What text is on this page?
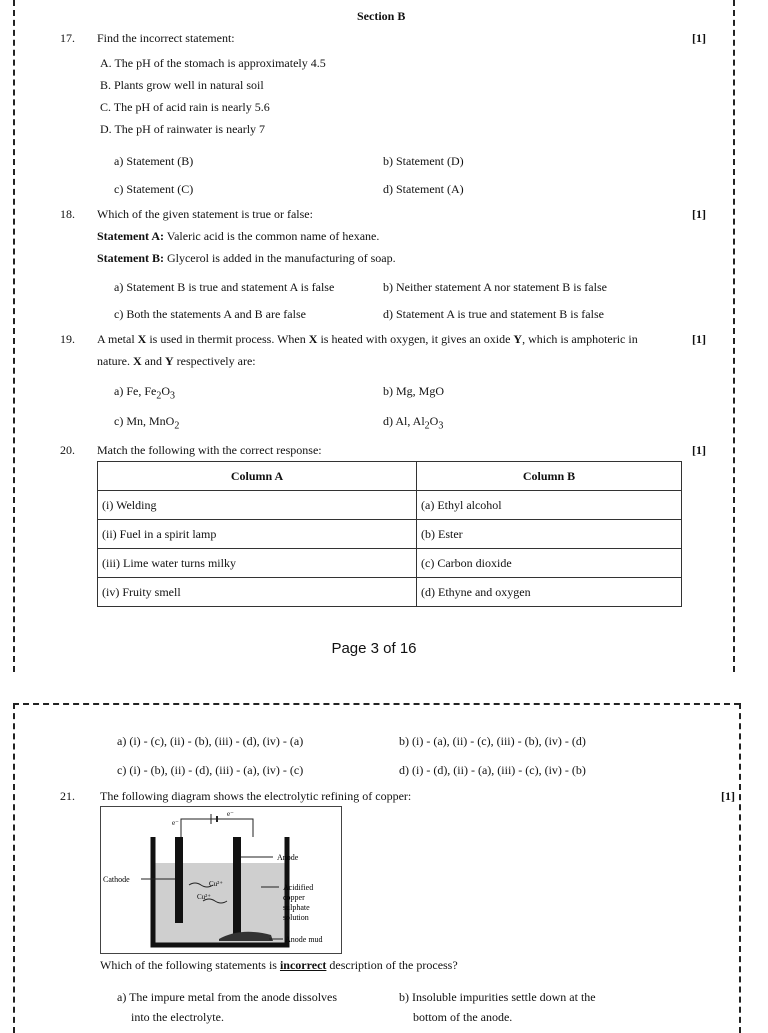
Section B
17. Find the incorrect statement:	[1]
A. The pH of the stomach is approximately 4.5
B. Plants grow well in natural soil
C. The pH of acid rain is nearly 5.6
D. The pH of rainwater is nearly 7
a) Statement (B)	b) Statement (D)
c) Statement (C)	d) Statement (A)
18. Which of the given statement is true or false:	[1]
Statement A: Valeric acid is the common name of hexane.
Statement B: Glycerol is added in the manufacturing of soap.
a) Statement B is true and statement A is false	b) Neither statement A nor statement B is false
c) Both the statements A and B are false	d) Statement A is true and statement B is false
19. A metal X is used in thermit process. When X is heated with oxygen, it gives an oxide Y, which is amphoteric in	[1]
nature. X and Y respectively are:
a) Fe, $Fe_2O_3$	b) Mg, MgO
c) Mn, MnO$_2$	d) Al, $Al_2O_3$
20. Match the following with the correct response:	[1]
Column A	Column B
(i) Welding	(a) Ethyl alcohol
(ii) Fuel in a spirit lamp	(b) Ester
(iii) Lime water turns milky	(c) Carbon dioxide
(iv) Fruity smell	(d) Ethyne and oxygen
Page 3 of 16
a) (i) - (c), (ii) - (b), (iii) - (d), (iv) - (a)	b) (i) - (a), (ii) - (c), (iii) - (b), (iv) - (d)
c) (i) - (b), (ii) - (d), (iii) - (a), (iv) - (c)	d) (i) - (d), (ii) - (a), (iii) - (c), (iv) - (b)
21. The following diagram shows the electrolytic refining of copper:	[1]
e⁻
e⁻
Cu²⁺
Cu²⁺
Anode
Cathode
Acidified
copper
sulphate
solution
Anode mud
Which of the following statements is incorrect description of the process?
a) The impure metal from the anode dissolves
into the electrolyte.
b) Insoluble impurities settle down at the
bottom of the anode.
